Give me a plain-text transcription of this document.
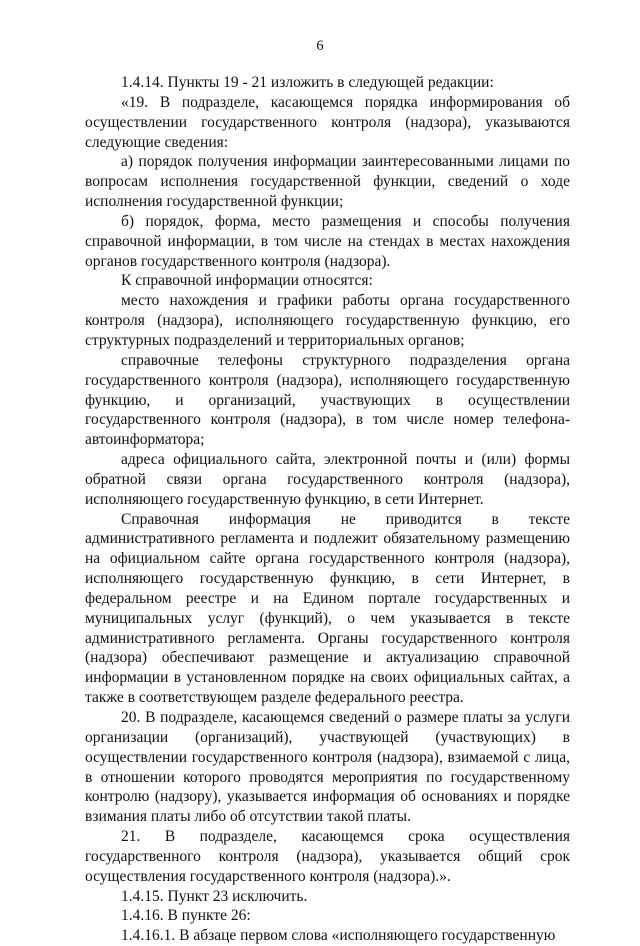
6

1.4.14. Пункты 19 - 21 изложить в следующей редакции:

«19. В подразделе, касающемся порядка информирования об осуществлении государственного контроля (надзора), указываются следующие сведения:

а) порядок получения информации заинтересованными лицами по вопросам исполнения государственной функции, сведений о ходе исполнения государственной функции;

б) порядок, форма, место размещения и способы получения справочной информации, в том числе на стендах в местах нахождения органов государственного контроля (надзора).

К справочной информации относятся:

место нахождения и графики работы органа государственного контроля (надзора), исполняющего государственную функцию, его структурных подразделений и территориальных органов;

справочные телефоны структурного подразделения органа государственного контроля (надзора), исполняющего государственную функцию, и организаций, участвующих в осуществлении государственного контроля (надзора), в том числе номер телефона-автоинформатора;

адреса официального сайта, электронной почты и (или) формы обратной связи органа государственного контроля (надзора), исполняющего государственную функцию, в сети Интернет.

Справочная информация не приводится в тексте административного регламента и подлежит обязательному размещению на официальном сайте органа государственного контроля (надзора), исполняющего государственную функцию, в сети Интернет, в федеральном реестре и на Едином портале государственных и муниципальных услуг (функций), о чем указывается в тексте административного регламента. Органы государственного контроля (надзора) обеспечивают размещение и актуализацию справочной информации в установленном порядке на своих официальных сайтах, а также в соответствующем разделе федерального реестра.

20. В подразделе, касающемся сведений о размере платы за услуги организации (организаций), участвующей (участвующих) в осуществлении государственного контроля (надзора), взимаемой с лица, в отношении которого проводятся мероприятия по государственному контролю (надзору), указывается информация об основаниях и порядке взимания платы либо об отсутствии такой платы.

21. В подразделе, касающемся срока осуществления государственного контроля (надзора), указывается общий срок осуществления государственного контроля (надзора).».

1.4.15. Пункт 23 исключить.

1.4.16. В пункте 26:

1.4.16.1. В абзаце первом слова «исполняющего государственную
